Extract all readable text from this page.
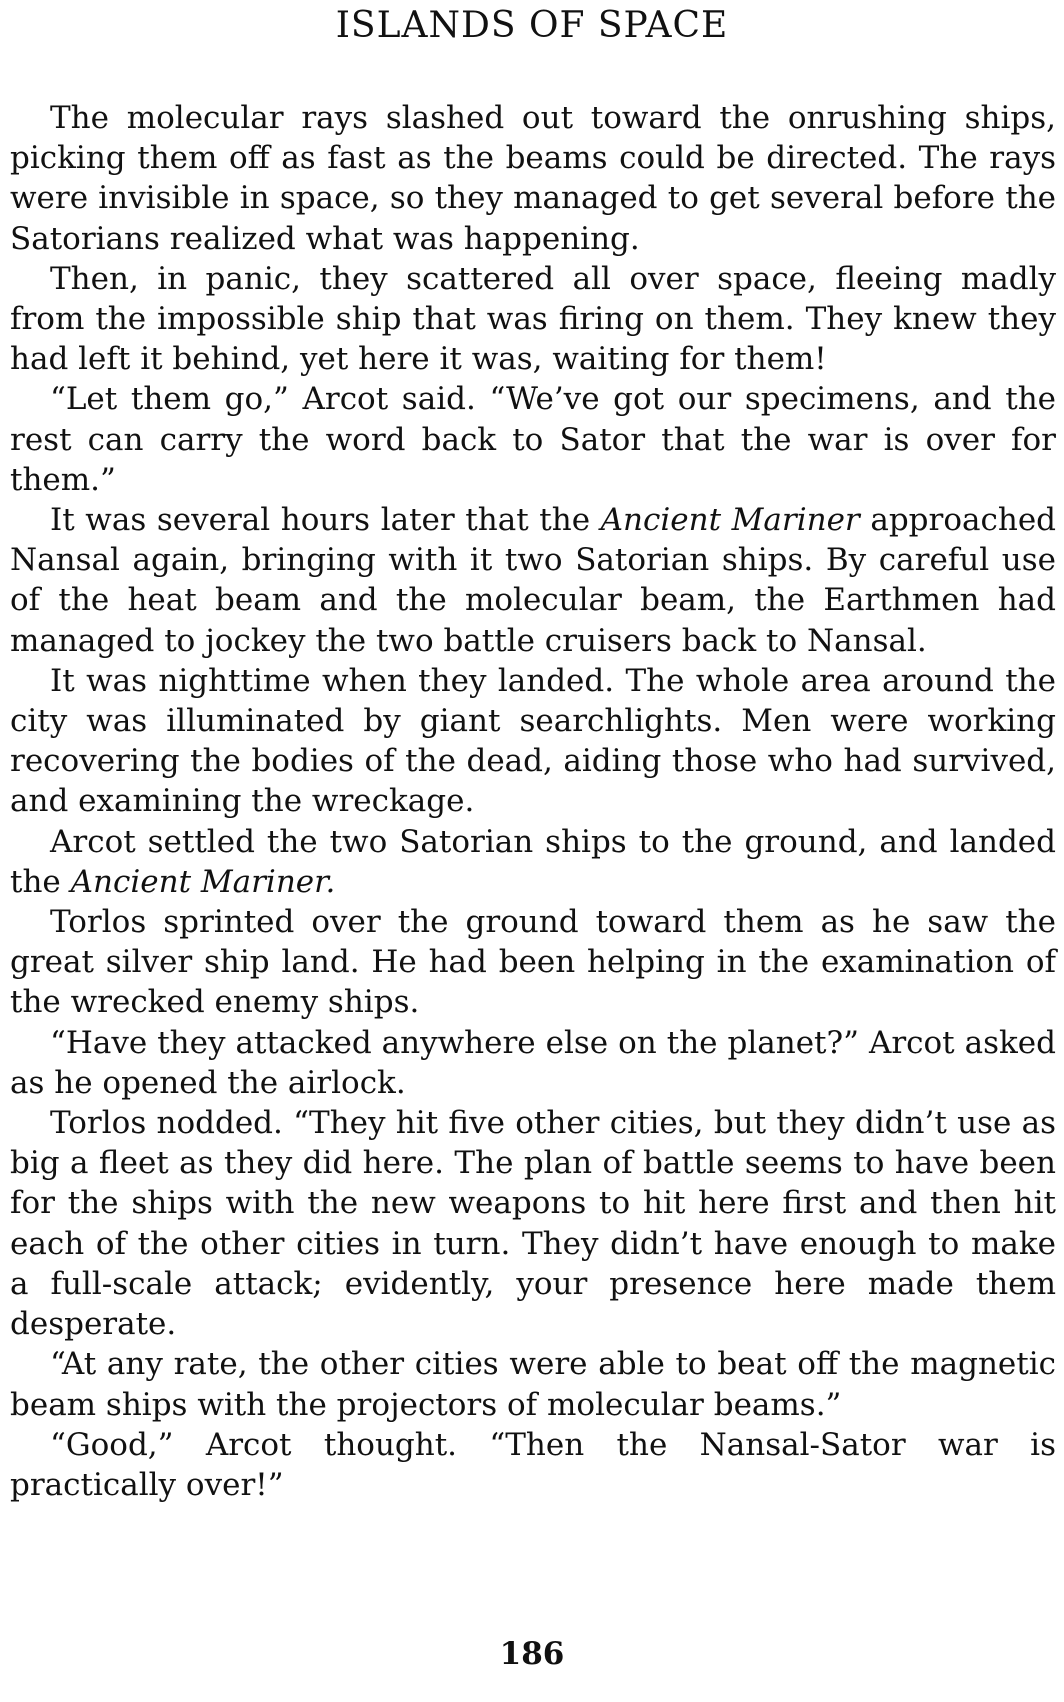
ISLANDS OF SPACE

The molecular rays slashed out toward the onrushing ships, picking them off as fast as the beams could be directed. The rays were invisible in space, so they managed to get several before the Satorians realized what was happening.

Then, in panic, they scattered all over space, fleeing madly from the impossible ship that was firing on them. They knew they had left it behind, yet here it was, waiting for them!

“Let them go,” Arcot said. “We’ve got our specimens, and the rest can carry the word back to Sator that the war is over for them.”

It was several hours later that the Ancient Mariner approached Nansal again, bringing with it two Satorian ships. By careful use of the heat beam and the molecular beam, the Earthmen had managed to jockey the two battle cruisers back to Nansal.

It was nighttime when they landed. The whole area around the city was illuminated by giant searchlights. Men were working recovering the bodies of the dead, aiding those who had survived, and examining the wreckage.

Arcot settled the two Satorian ships to the ground, and landed the Ancient Mariner.

Torlos sprinted over the ground toward them as he saw the great silver ship land. He had been helping in the examination of the wrecked enemy ships.

“Have they attacked anywhere else on the planet?” Arcot asked as he opened the airlock.

Torlos nodded. “They hit five other cities, but they didn’t use as big a fleet as they did here. The plan of battle seems to have been for the ships with the new weapons to hit here first and then hit each of the other cities in turn. They didn’t have enough to make a full-scale attack; evidently, your presence here made them desperate.

“At any rate, the other cities were able to beat off the magnetic beam ships with the projectors of molecular beams.”

“Good,” Arcot thought. “Then the Nansal-Sator war is practically over!”

186
